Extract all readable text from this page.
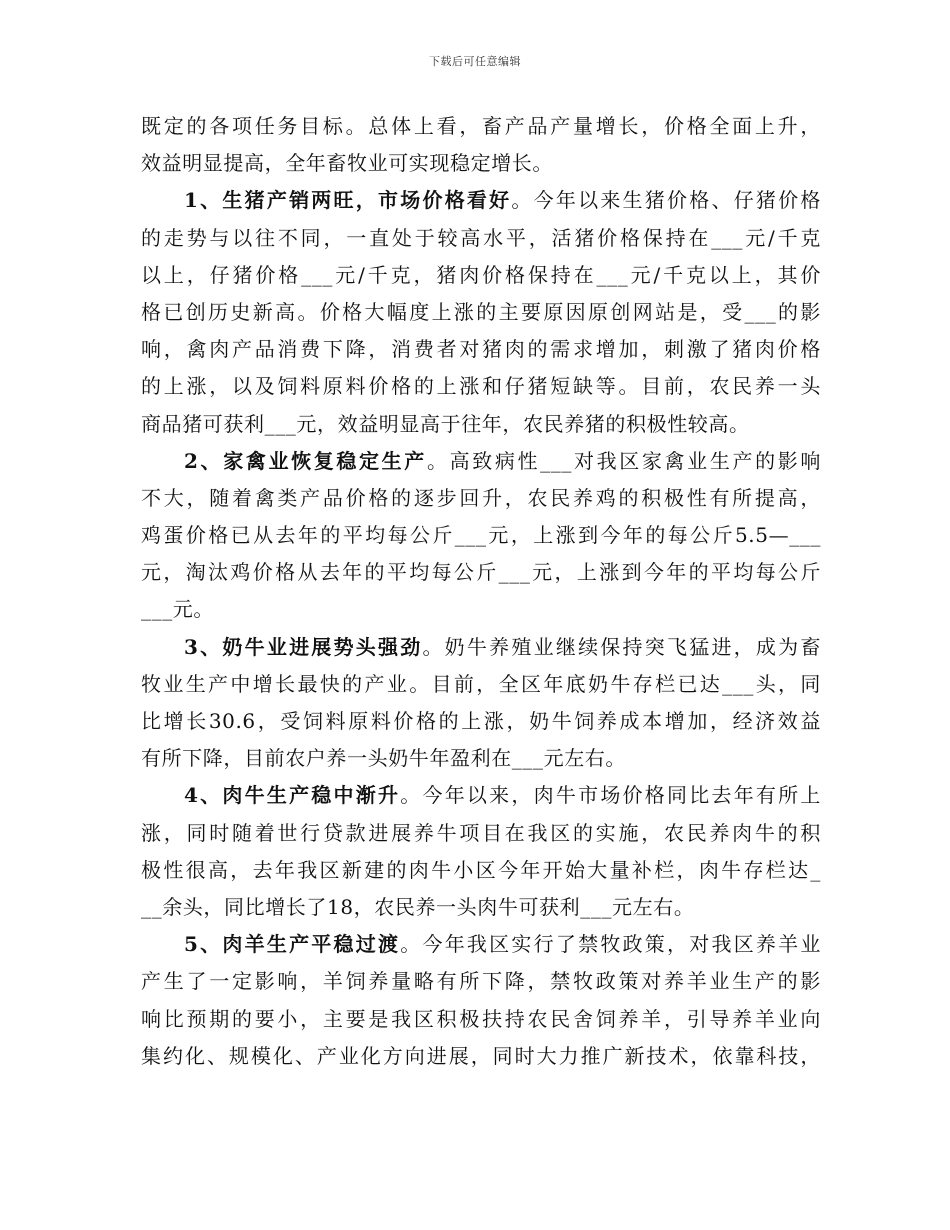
下载后可任意编辑
既定的各项任务目标。总体上看，畜产品产量增长，价格全面上升，
效益明显提高，全年畜牧业可实现稳定增长。
1、生猪产销两旺，市场价格看好。今年以来生猪价格、仔猪价格
的走势与以往不同，一直处于较高水平，活猪价格保持在___元/千克
以上，仔猪价格___元/千克，猪肉价格保持在___元/千克以上，其价
格已创历史新高。价格大幅度上涨的主要原因原创网站是，受___的影
响，禽肉产品消费下降，消费者对猪肉的需求增加，刺激了猪肉价格
的上涨，以及饲料原料价格的上涨和仔猪短缺等。目前，农民养一头
商品猪可获利___元，效益明显高于往年，农民养猪的积极性较高。
2、家禽业恢复稳定生产。高致病性___对我区家禽业生产的影响
不大，随着禽类产品价格的逐步回升，农民养鸡的积极性有所提高，
鸡蛋价格已从去年的平均每公斤___元，上涨到今年的每公斤5.5—___
元，淘汰鸡价格从去年的平均每公斤___元，上涨到今年的平均每公斤
___元。
3、奶牛业进展势头强劲。奶牛养殖业继续保持突飞猛进，成为畜
牧业生产中增长最快的产业。目前，全区年底奶牛存栏已达___头，同
比增长30.6，受饲料原料价格的上涨，奶牛饲养成本增加，经济效益
有所下降，目前农户养一头奶牛年盈利在___元左右。
4、肉牛生产稳中渐升。今年以来，肉牛市场价格同比去年有所上
涨，同时随着世行贷款进展养牛项目在我区的实施，农民养肉牛的积
极性很高，去年我区新建的肉牛小区今年开始大量补栏，肉牛存栏达_
__余头，同比增长了18，农民养一头肉牛可获利___元左右。
5、肉羊生产平稳过渡。今年我区实行了禁牧政策，对我区养羊业
产生了一定影响，羊饲养量略有所下降，禁牧政策对养羊业生产的影
响比预期的要小，主要是我区积极扶持农民舍饲养羊，引导养羊业向
集约化、规模化、产业化方向进展，同时大力推广新技术，依靠科技，
